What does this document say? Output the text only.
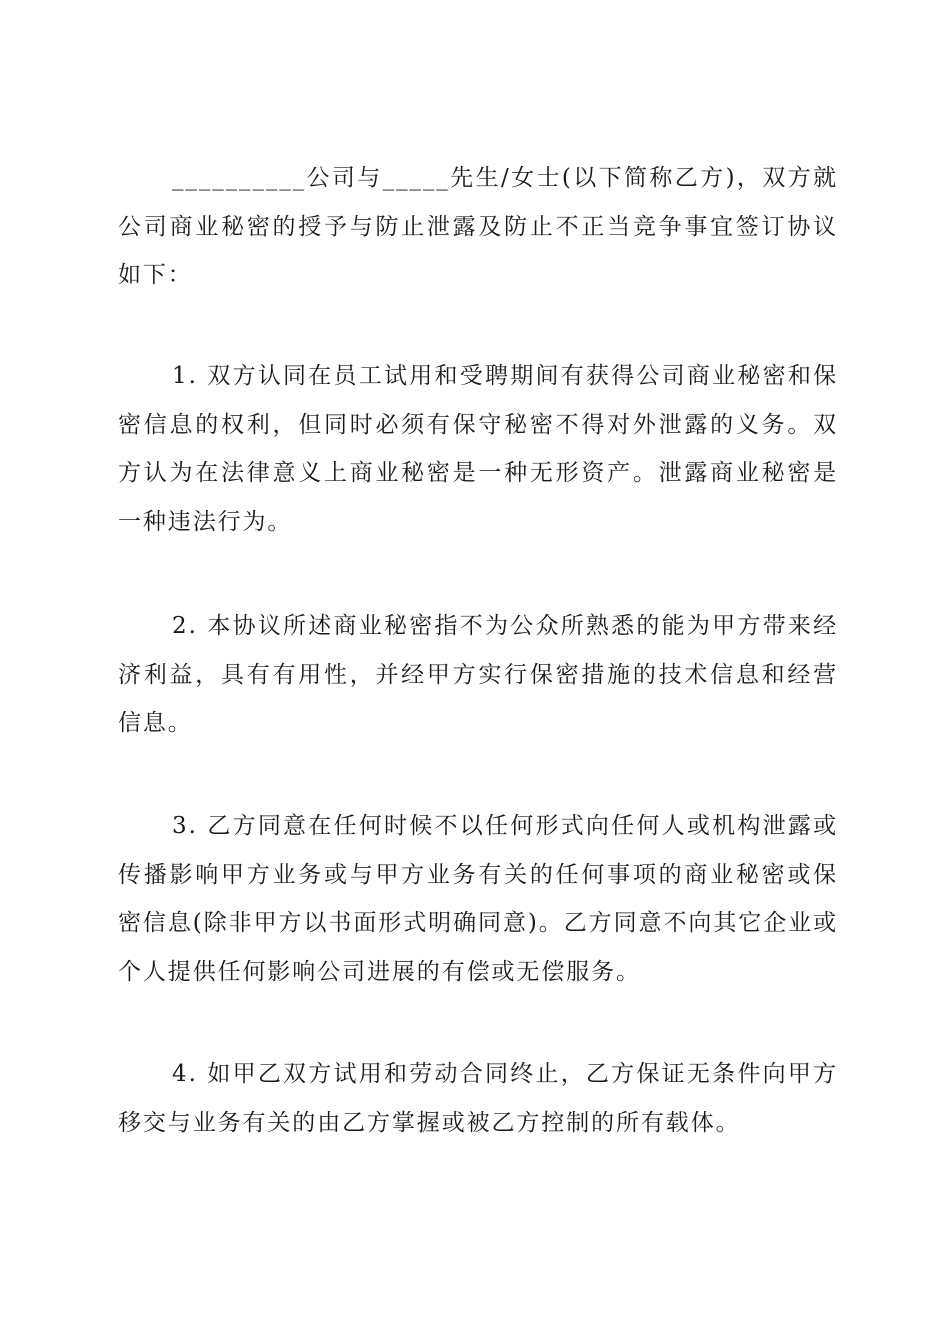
__________公司与_____先生/女士(以下简称乙方)，双方就公司商业秘密的授予与防止泄露及防止不正当竞争事宜签订协议如下：

1. 双方认同在员工试用和受聘期间有获得公司商业秘密和保密信息的权利，但同时必须有保守秘密不得对外泄露的义务。双方认为在法律意义上商业秘密是一种无形资产。泄露商业秘密是一种违法行为。

2. 本协议所述商业秘密指不为公众所熟悉的能为甲方带来经济利益，具有有用性，并经甲方实行保密措施的技术信息和经营信息。

3. 乙方同意在任何时候不以任何形式向任何人或机构泄露或传播影响甲方业务或与甲方业务有关的任何事项的商业秘密或保密信息(除非甲方以书面形式明确同意)。乙方同意不向其它企业或个人提供任何影响公司进展的有偿或无偿服务。

4. 如甲乙双方试用和劳动合同终止，乙方保证无条件向甲方移交与业务有关的由乙方掌握或被乙方控制的所有载体。
